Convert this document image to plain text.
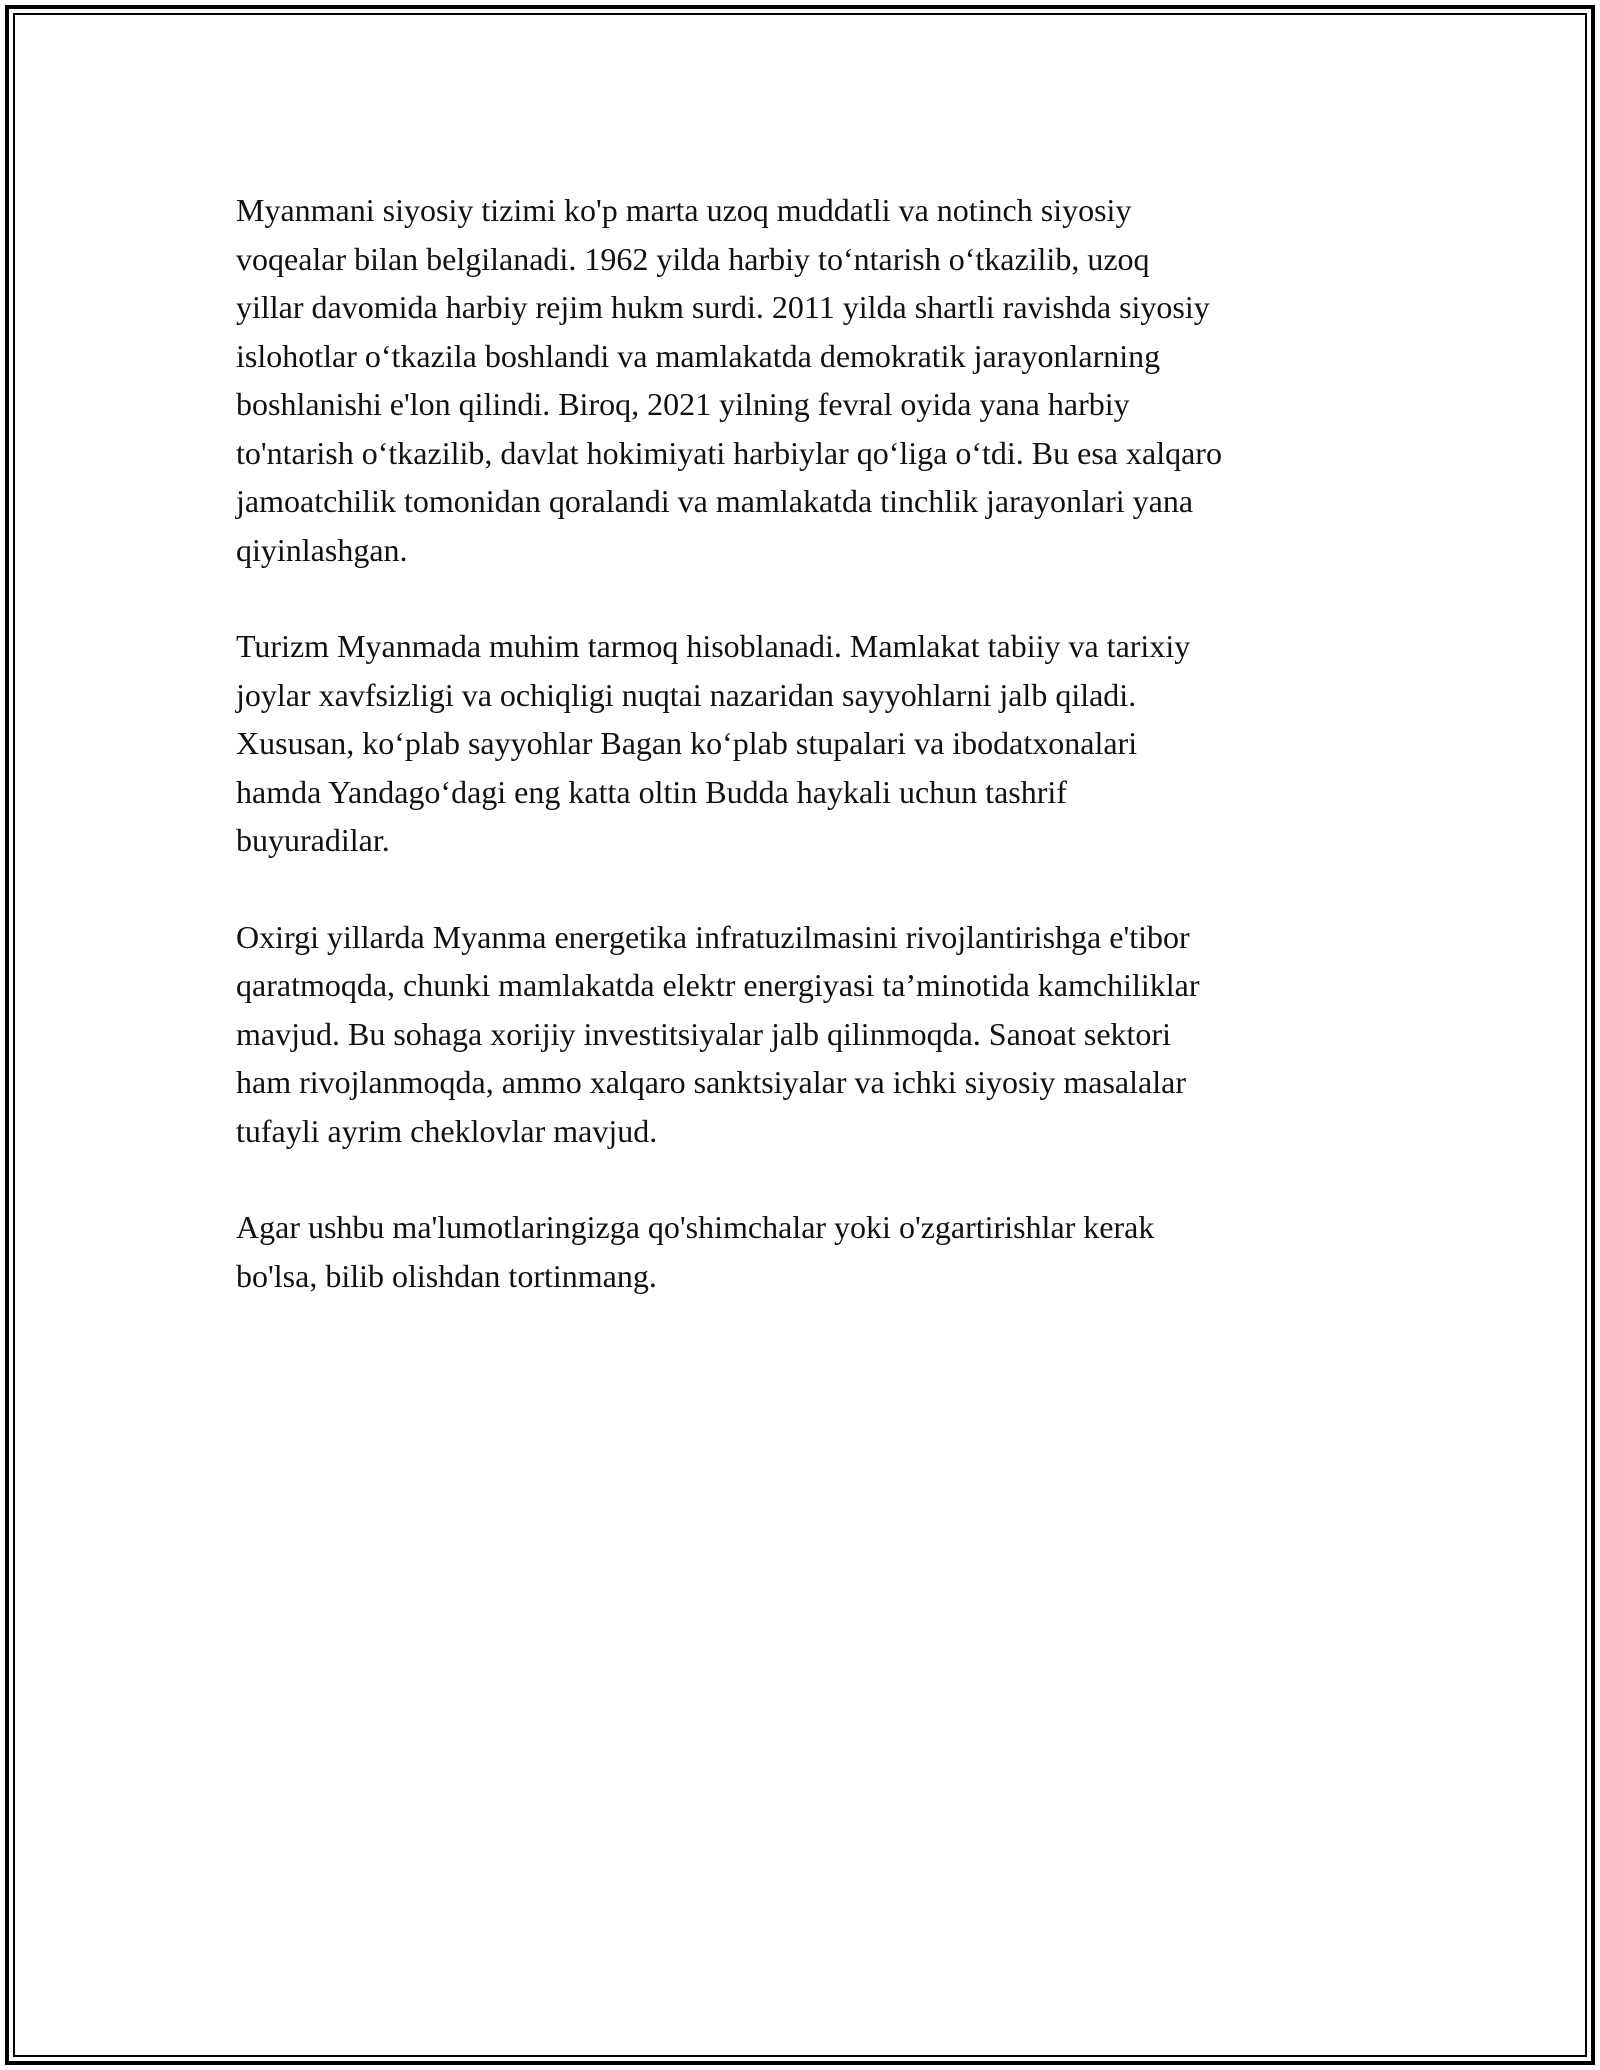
Myanmani siyosiy tizimi ko'p marta uzoq muddatli va notinch siyosiy
voqealar bilan belgilanadi. 1962 yilda harbiy toʻntarish oʻtkazilib, uzoq
yillar davomida harbiy rejim hukm surdi. 2011 yilda shartli ravishda siyosiy
islohotlar oʻtkazila boshlandi va mamlakatda demokratik jarayonlarning
boshlanishi e'lon qilindi. Biroq, 2021 yilning fevral oyida yana harbiy
to'ntarish oʻtkazilib, davlat hokimiyati harbiylar qoʻliga oʻtdi. Bu esa xalqaro
jamoatchilik tomonidan qoralandi va mamlakatda tinchlik jarayonlari yana
qiyinlashgan.

Turizm Myanmada muhim tarmoq hisoblanadi. Mamlakat tabiiy va tarixiy
joylar xavfsizligi va ochiqligi nuqtai nazaridan sayyohlarni jalb qiladi.
Xususan, koʻplab sayyohlar Bagan koʻplab stupalari va ibodatxonalari
hamda Yandagoʻdagi eng katta oltin Budda haykali uchun tashrif
buyuradilar.

Oxirgi yillarda Myanma energetika infratuzilmasini rivojlantirishga e'tibor
qaratmoqda, chunki mamlakatda elektr energiyasi ta’minotida kamchiliklar
mavjud. Bu sohaga xorijiy investitsiyalar jalb qilinmoqda. Sanoat sektori
ham rivojlanmoqda, ammo xalqaro sanktsiyalar va ichki siyosiy masalalar
tufayli ayrim cheklovlar mavjud.

Agar ushbu ma'lumotlaringizga qo'shimchalar yoki o'zgartirishlar kerak
bo'lsa, bilib olishdan tortinmang.
